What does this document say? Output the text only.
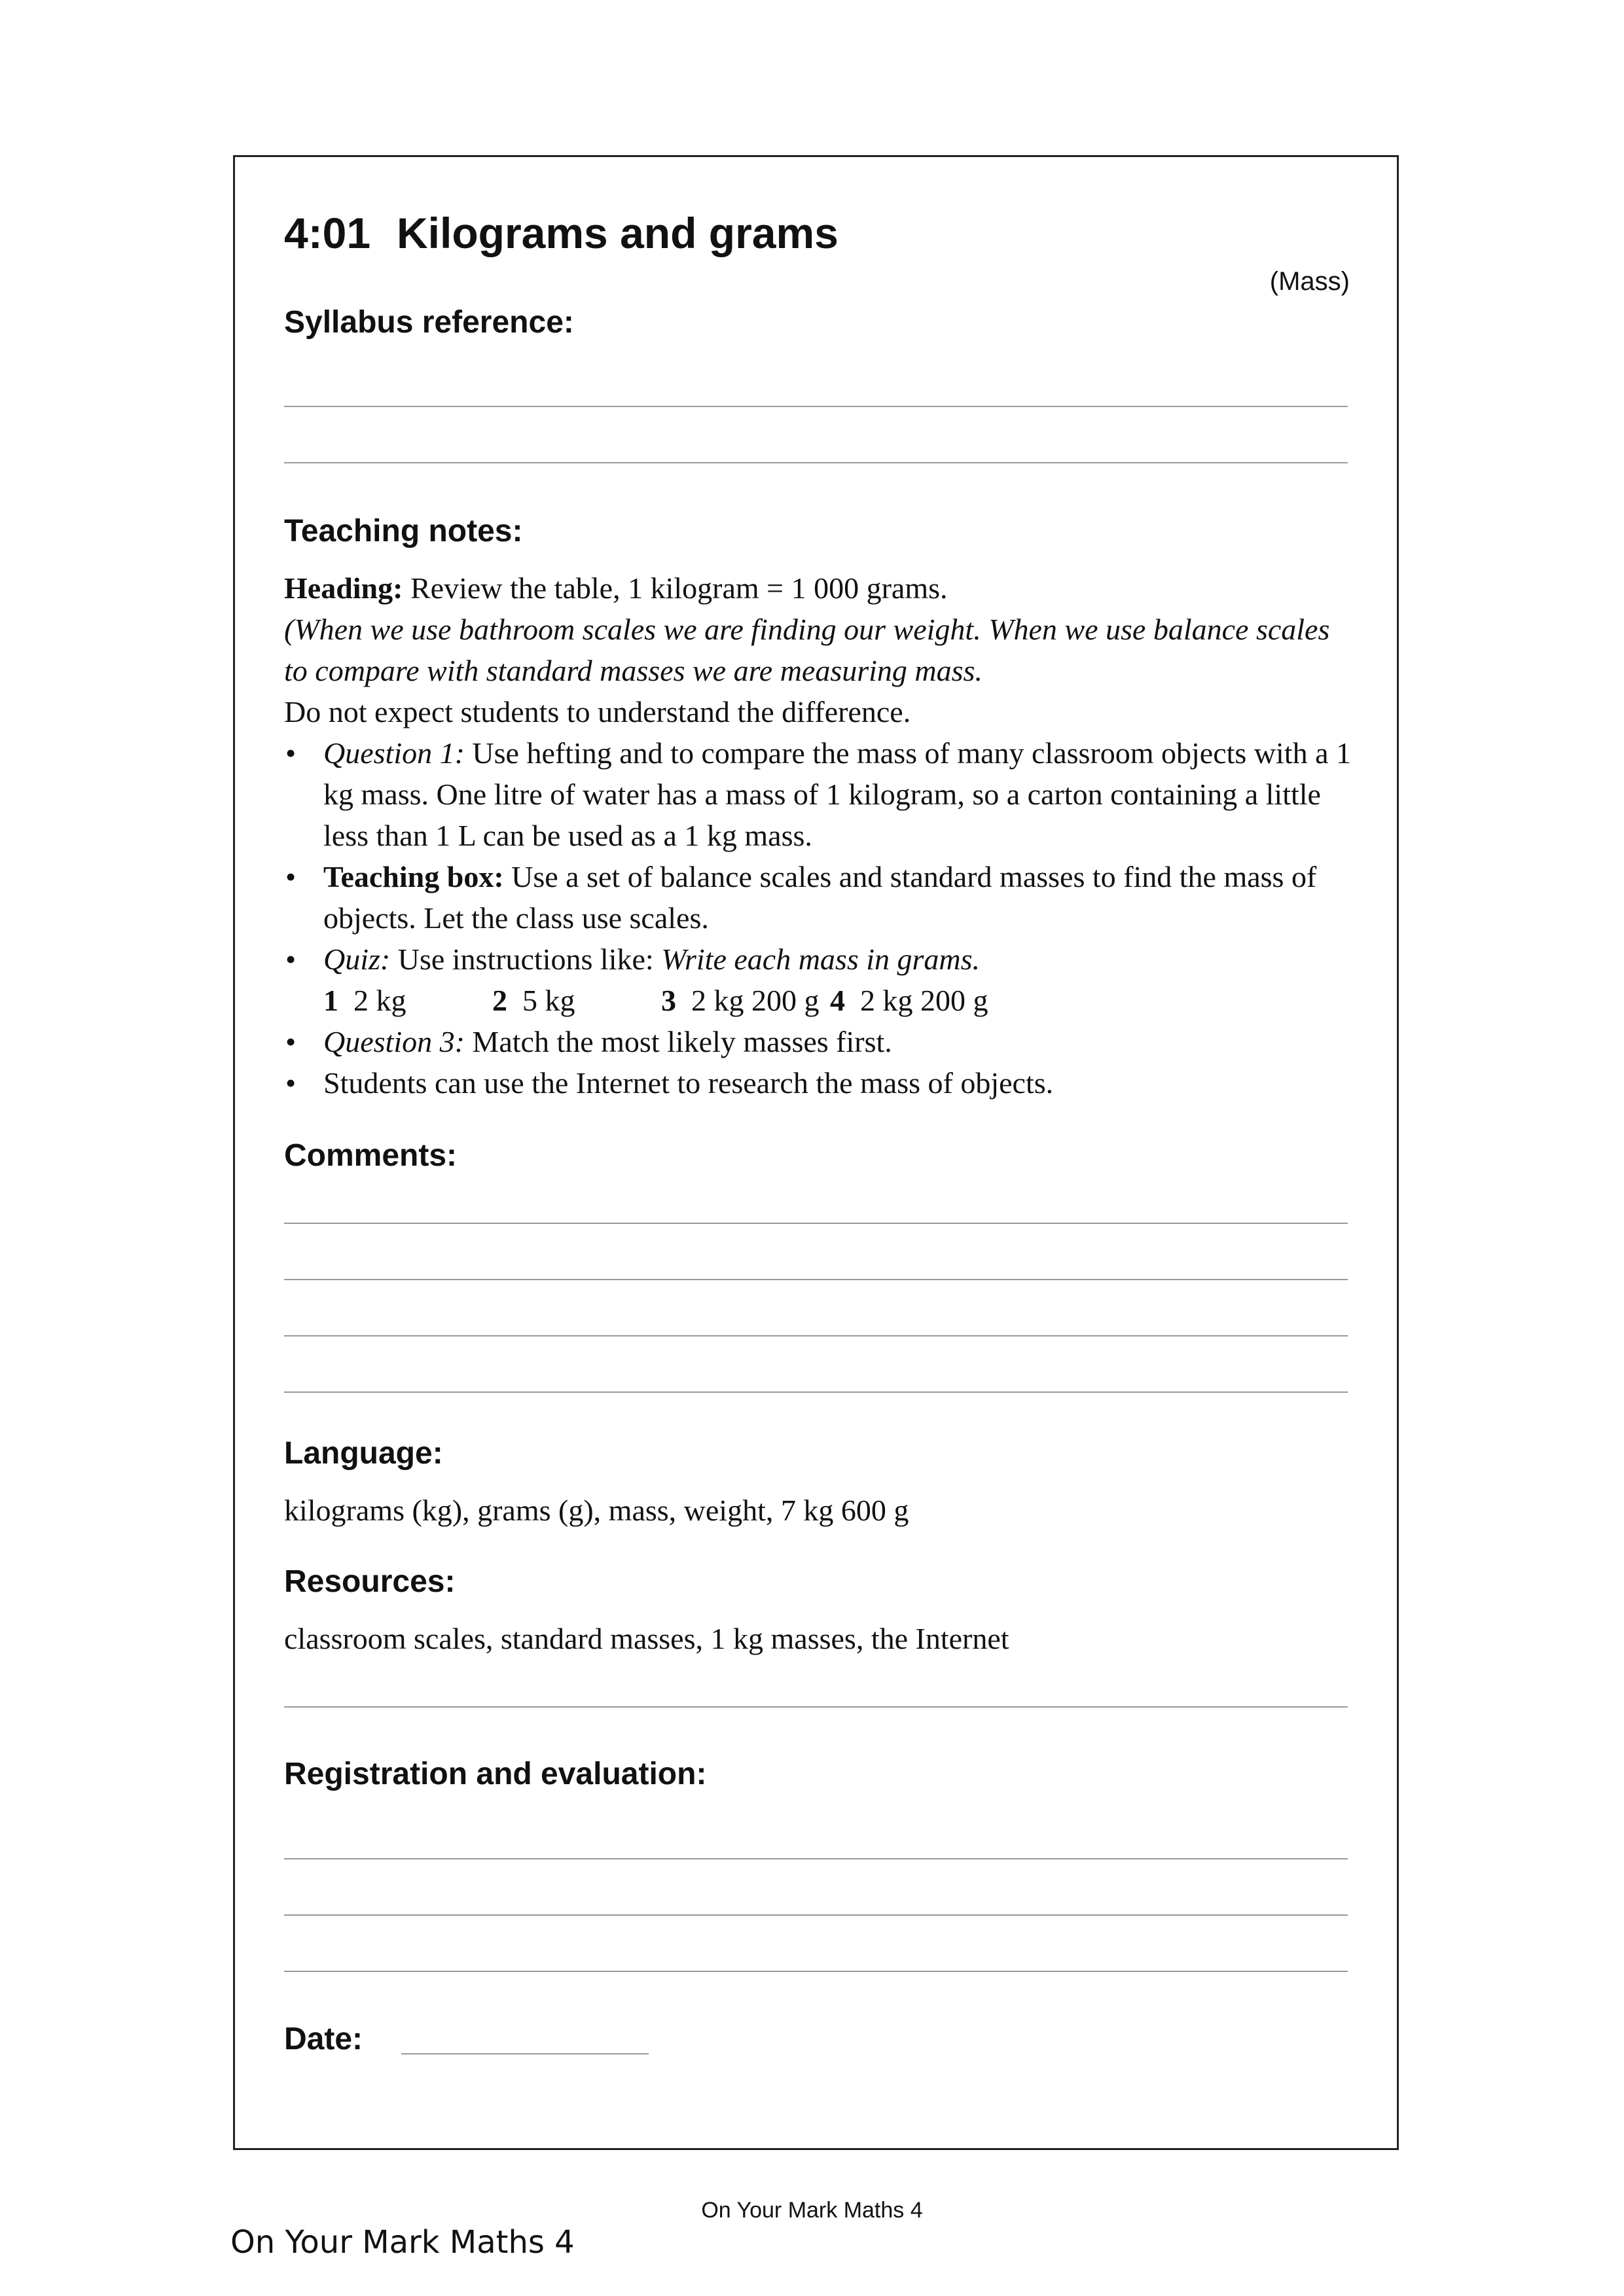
4:01 Kilograms and grams
(Mass)
Syllabus reference:
Teaching notes:

Heading: Review the table, 1 kilogram = 1 000 grams.

(When we use bathroom scales we are finding our weight. When we use balance scales to compare with standard masses we are measuring mass.

Do not expect students to understand the difference.

• Question 1: Use hefting and to compare the mass of many classroom objects with a 1 kg mass. One litre of water has a mass of 1 kilogram, so a carton containing a little less than 1 L can be used as a 1 kg mass.

• Teaching box: Use a set of balance scales and standard masses to find the mass of objects. Let the class use scales.

• Quiz: Use instructions like: Write each mass in grams.

1 2 kg	2 5 kg	3 2 kg 200 g 4 2 kg 200 g

• Question 3: Match the most likely masses first.

• Students can use the Internet to research the mass of objects.

Comments:
Language:
kilograms (kg), grams (g), mass, weight, 7 kg 600 g
Resources:
classroom scales, standard masses, 1 kg masses, the Internet
Registration and evaluation:
Date:
On Your Mark Maths 4
On Your Mark Maths 4
